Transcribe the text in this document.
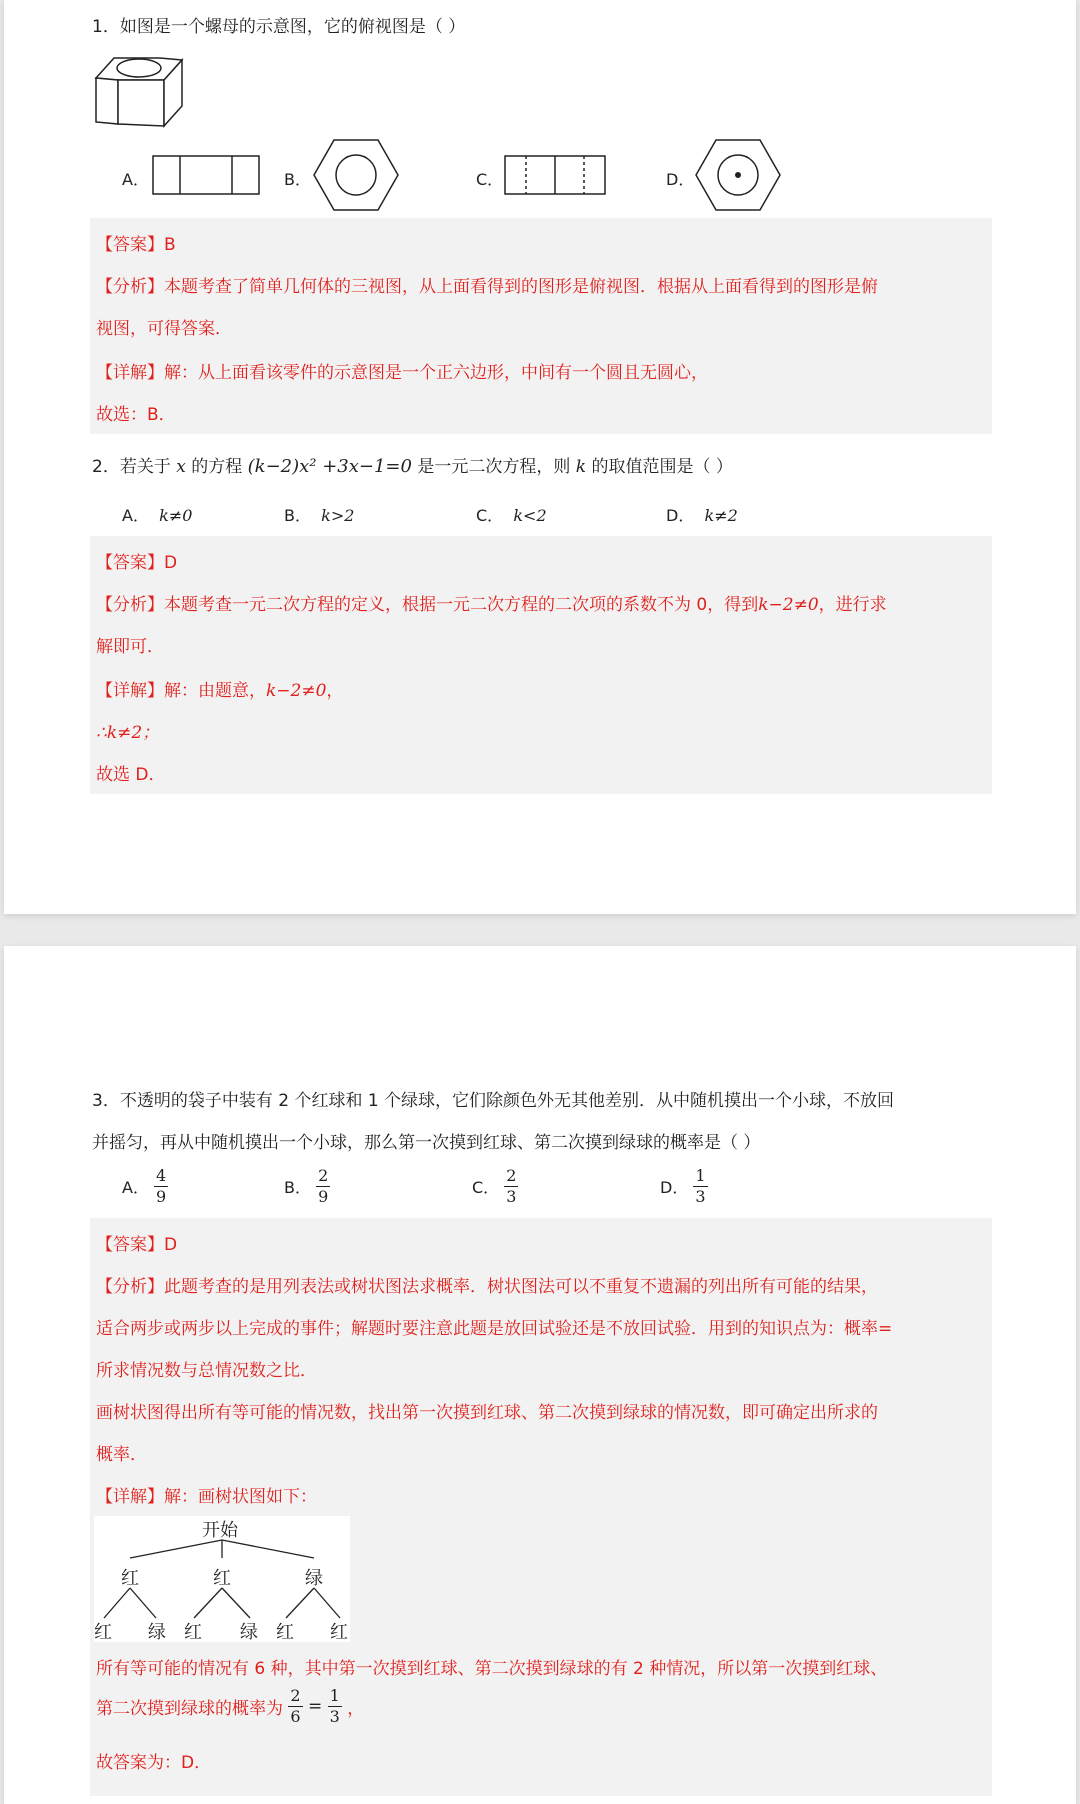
1．如图是一个螺母的示意图，它的俯视图是（ ）
A．	B．	C．	D．
【答案】B
【分析】本题考查了简单几何体的三视图，从上面看得到的图形是俯视图．根据从上面看得到的图形是俯
视图，可得答案．
【详解】解：从上面看该零件的示意图是一个正六边形，中间有一个圆且无圆心，
故选：B．
2．若关于 x 的方程 (k−2)x² +3x−1=0 是一元二次方程，则 k 的取值范围是（ ）
A． k≠0	B． k>2	C． k<2	D． k≠2
【答案】D
【分析】本题考查一元二次方程的定义，根据一元二次方程的二次项的系数不为 0，得到k−2≠0，进行求
解即可．
【详解】解：由题意，k−2≠0，
∴k≠2；
故选 D．
3．不透明的袋子中装有 2 个红球和 1 个绿球，它们除颜色外无其他差别．从中随机摸出一个小球，不放回
并摇匀，再从中随机摸出一个小球，那么第一次摸到红球、第二次摸到绿球的概率是（ ）
A． $\frac{4}{9}$	B． $\frac{2}{9}$	C． $\frac{2}{3}$	D． $\frac{1}{3}$
【答案】D
【分析】此题考查的是用列表法或树状图法求概率．树状图法可以不重复不遗漏的列出所有可能的结果，
适合两步或两步以上完成的事件；解题时要注意此题是放回试验还是不放回试验．用到的知识点为：概率=
所求情况数与总情况数之比．
画树状图得出所有等可能的情况数，找出第一次摸到红球、第二次摸到绿球的情况数，即可确定出所求的
概率．
【详解】解：画树状图如下：
开始
红	红	绿
红 绿 红 绿 红 红
所有等可能的情况有 6 种，其中第一次摸到红球、第二次摸到绿球的有 2 种情况，所以第一次摸到红球、
第二次摸到绿球的概率为 $\frac{2}{6} = \frac{1}{3}$ ，
故答案为：D．
